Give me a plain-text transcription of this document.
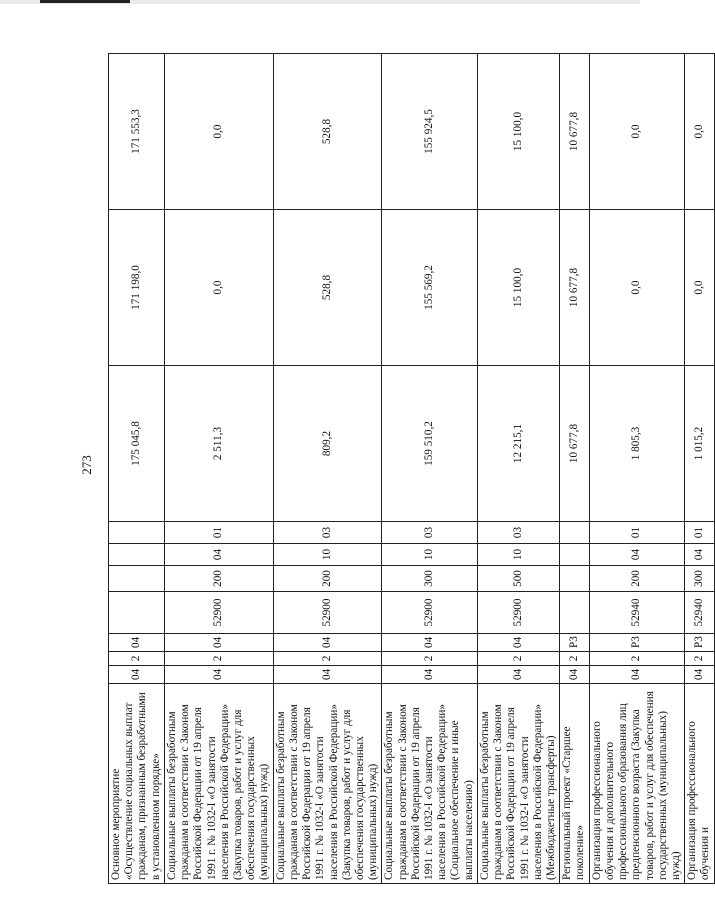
273
Основное мероприятие «Осуществление социальных выплат гражданам, признанным безработными в установленном порядке»	04	2	04					175 045,8	171 198,0	171 553,3
Социальные выплаты безработным гражданам в соответствии с Законом Российской Федерации от 19 апреля 1991 г. № 1032-I «О занятости населения в Российской Федерации» (Закупка товаров, работ и услуг для обеспечения государственных (муниципальных) нужд)	04	2	04	52900	200	04	01	2 511,3	0,0	0,0
Социальные выплаты безработным гражданам в соответствии с Законом Российской Федерации от 19 апреля 1991 г. № 1032-I «О занятости населения в Российской Федерации» (Закупка товаров, работ и услуг для обеспечения государственных (муниципальных) нужд)	04	2	04	52900	200	10	03	809,2	528,8	528,8
Социальные выплаты безработным гражданам в соответствии с Законом Российской Федерации от 19 апреля 1991 г. № 1032-I «О занятости населения в Российской Федерации» (Социальное обеспечение и иные выплаты населению)	04	2	04	52900	300	10	03	159 510,2	155 569,2	155 924,5
Социальные выплаты безработным гражданам в соответствии с Законом Российской Федерации от 19 апреля 1991 г. № 1032-I «О занятости населения в Российской Федерации» (Межбюджетные трансферты)	04	2	04	52900	500	10	03	12 215,1	15 100,0	15 100,0
Региональный проект «Старшее поколение»	04	2	Р3					10 677,8	10 677,8	10 677,8
Организация профессионального обучения и дополнительного профессионального образования лиц предпенсионного возраста (Закупка товаров, работ и услуг для обеспечения государственных (муниципальных) нужд)	04	2	Р3	52940	200	04	01	1 805,3	0,0	0,0
Организация профессионального обучения и	04	2	Р3	52940	300	04	01	1 015,2	0,0	0,0
